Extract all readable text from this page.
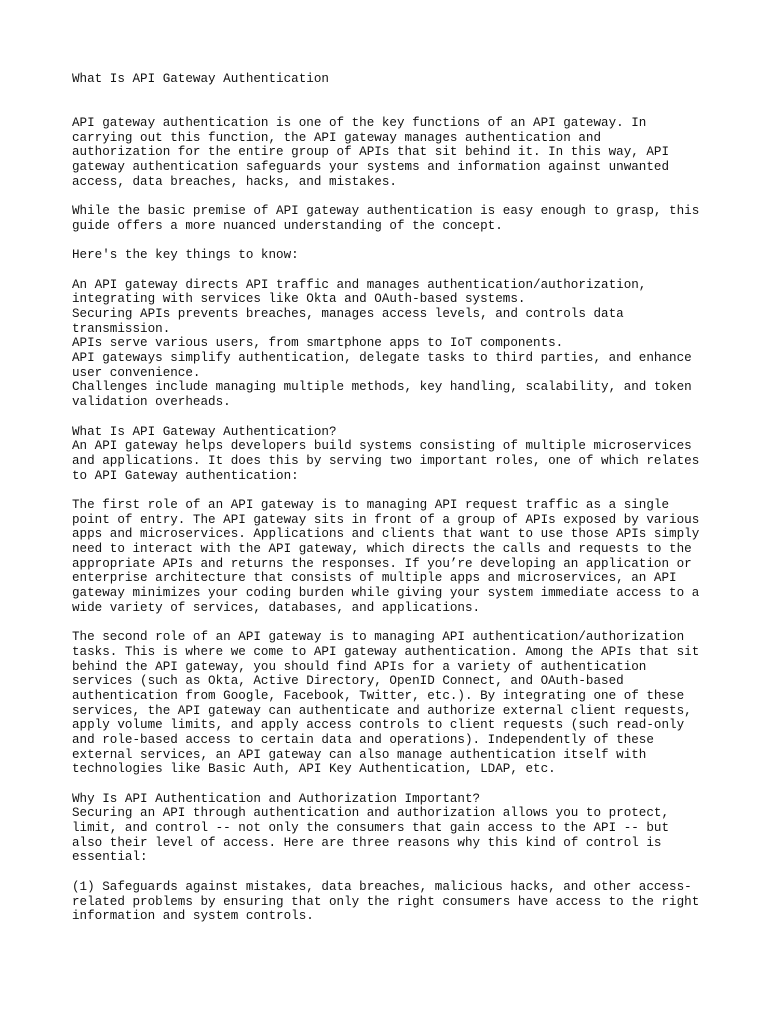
What Is API Gateway Authentication
API gateway authentication is one of the key functions of an API gateway. In
carrying out this function, the API gateway manages authentication and
authorization for the entire group of APIs that sit behind it. In this way, API
gateway authentication safeguards your systems and information against unwanted
access, data breaches, hacks, and mistakes.
While the basic premise of API gateway authentication is easy enough to grasp, this
guide offers a more nuanced understanding of the concept.
Here's the key things to know:
An API gateway directs API traffic and manages authentication/authorization,
integrating with services like Okta and OAuth-based systems.
Securing APIs prevents breaches, manages access levels, and controls data
transmission.
APIs serve various users, from smartphone apps to IoT components.
API gateways simplify authentication, delegate tasks to third parties, and enhance
user convenience.
Challenges include managing multiple methods, key handling, scalability, and token
validation overheads.
What Is API Gateway Authentication?
An API gateway helps developers build systems consisting of multiple microservices
and applications. It does this by serving two important roles, one of which relates
to API Gateway authentication:
The first role of an API gateway is to managing API request traffic as a single
point of entry. The API gateway sits in front of a group of APIs exposed by various
apps and microservices. Applications and clients that want to use those APIs simply
need to interact with the API gateway, which directs the calls and requests to the
appropriate APIs and returns the responses. If you’re developing an application or
enterprise architecture that consists of multiple apps and microservices, an API
gateway minimizes your coding burden while giving your system immediate access to a
wide variety of services, databases, and applications.
The second role of an API gateway is to managing API authentication/authorization
tasks. This is where we come to API gateway authentication. Among the APIs that sit
behind the API gateway, you should find APIs for a variety of authentication
services (such as Okta, Active Directory, OpenID Connect, and OAuth-based
authentication from Google, Facebook, Twitter, etc.). By integrating one of these
services, the API gateway can authenticate and authorize external client requests,
apply volume limits, and apply access controls to client requests (such read-only
and role-based access to certain data and operations). Independently of these
external services, an API gateway can also manage authentication itself with
technologies like Basic Auth, API Key Authentication, LDAP, etc.
Why Is API Authentication and Authorization Important?
Securing an API through authentication and authorization allows you to protect,
limit, and control -- not only the consumers that gain access to the API -- but
also their level of access. Here are three reasons why this kind of control is
essential:
(1) Safeguards against mistakes, data breaches, malicious hacks, and other access-
related problems by ensuring that only the right consumers have access to the right
information and system controls.
